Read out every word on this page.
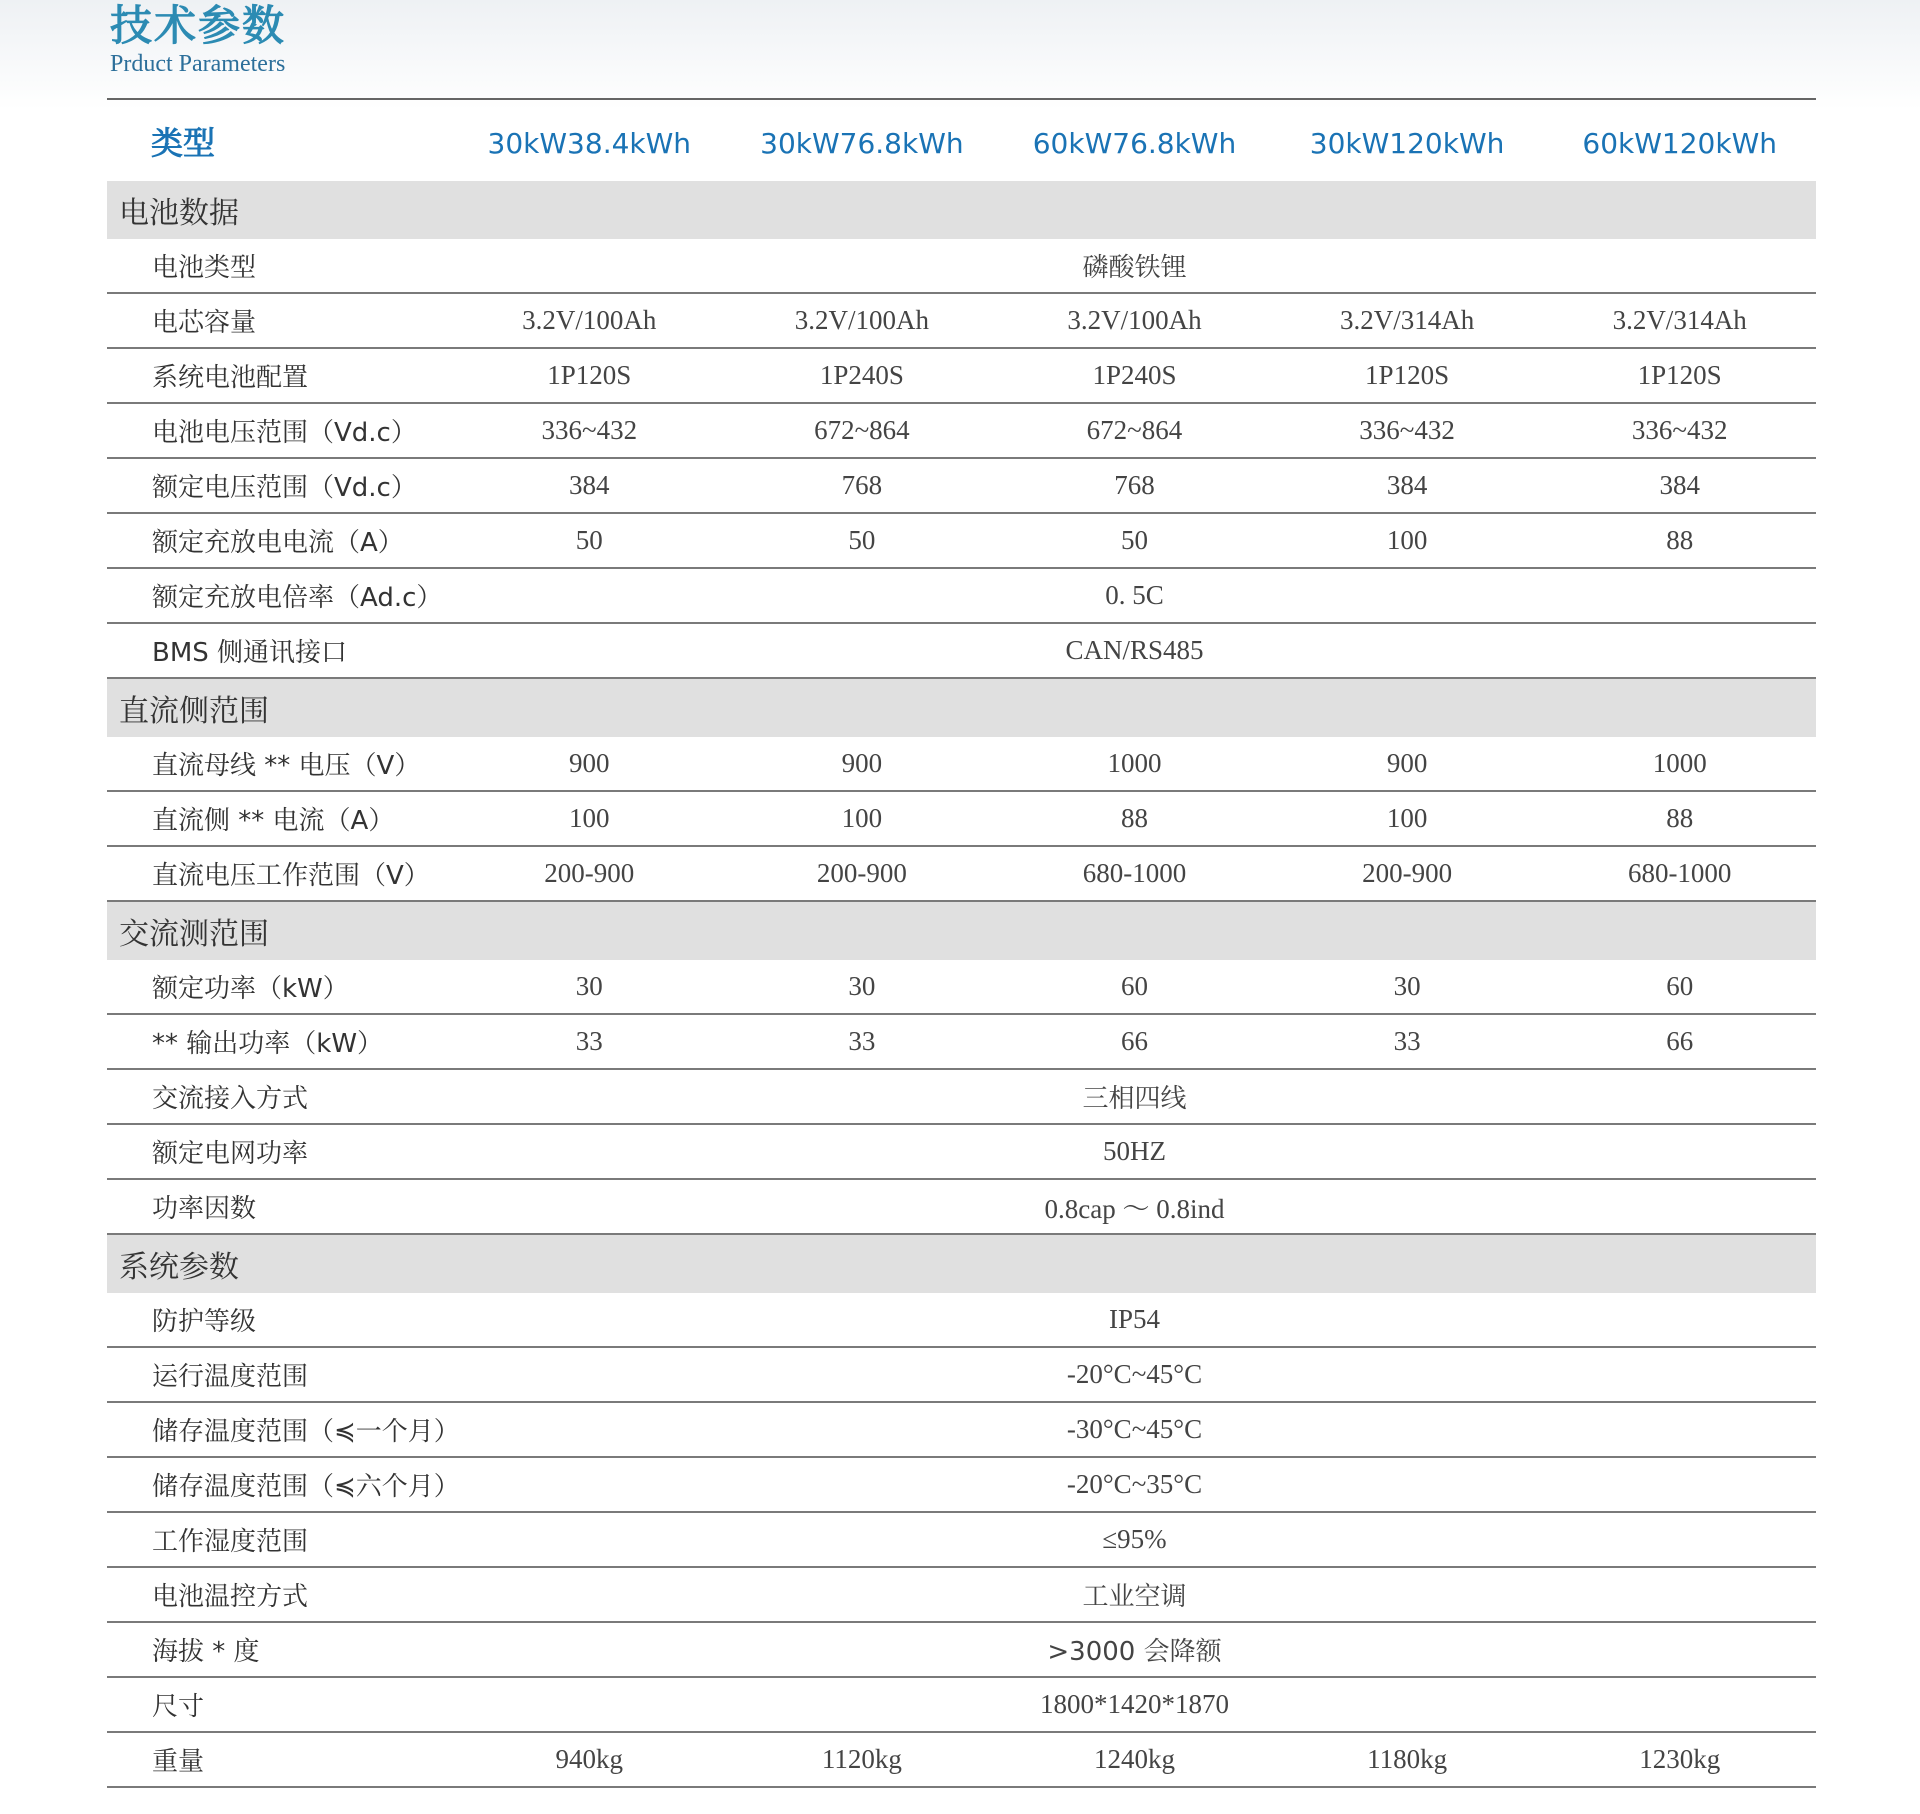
技术参数
Prduct Parameters
类型	30kW38.4kWh	30kW76.8kWh	60kW76.8kWh	30kW120kWh	60kW120kWh
电池数据					
电池类型	磷酸铁锂				
电芯容量	3.2V/100Ah	3.2V/100Ah	3.2V/100Ah	3.2V/314Ah	3.2V/314Ah
系统电池配置	1P120S	1P240S	1P240S	1P120S	1P120S
电池电压范围（Vd.c）	336~432	672~864	672~864	336~432	336~432
额定电压范围（Vd.c）	384	768	768	384	384
额定充放电电流（A）	50	50	50	100	88
额定充放电倍率（Ad.c）	0. 5C				
BMS 侧通讯接口	CAN/RS485				
直流侧范围					
直流母线 ** 电压（V）	900	900	1000	900	1000
直流侧 ** 电流（A）	100	100	88	100	88
直流电压工作范围（V）	200-900	200-900	680-1000	200-900	680-1000
交流测范围					
额定功率（kW）	30	30	60	30	60
** 输出功率（kW）	33	33	66	33	66
交流接入方式	三相四线				
额定电网功率	50HZ				
功率因数	0.8cap 〜 0.8ind				
系统参数					
防护等级	IP54				
运行温度范围	-20°C~45°C				
储存温度范围（≼一个月）	-30°C~45°C				
储存温度范围（≼六个月）	-20°C~35°C				
工作湿度范围	≤95%				
电池温控方式	工业空调				
海拔 * 度	>3000 会降额				
尺寸	1800*1420*1870				
重量	940kg	1120kg	1240kg	1180kg	1230kg
